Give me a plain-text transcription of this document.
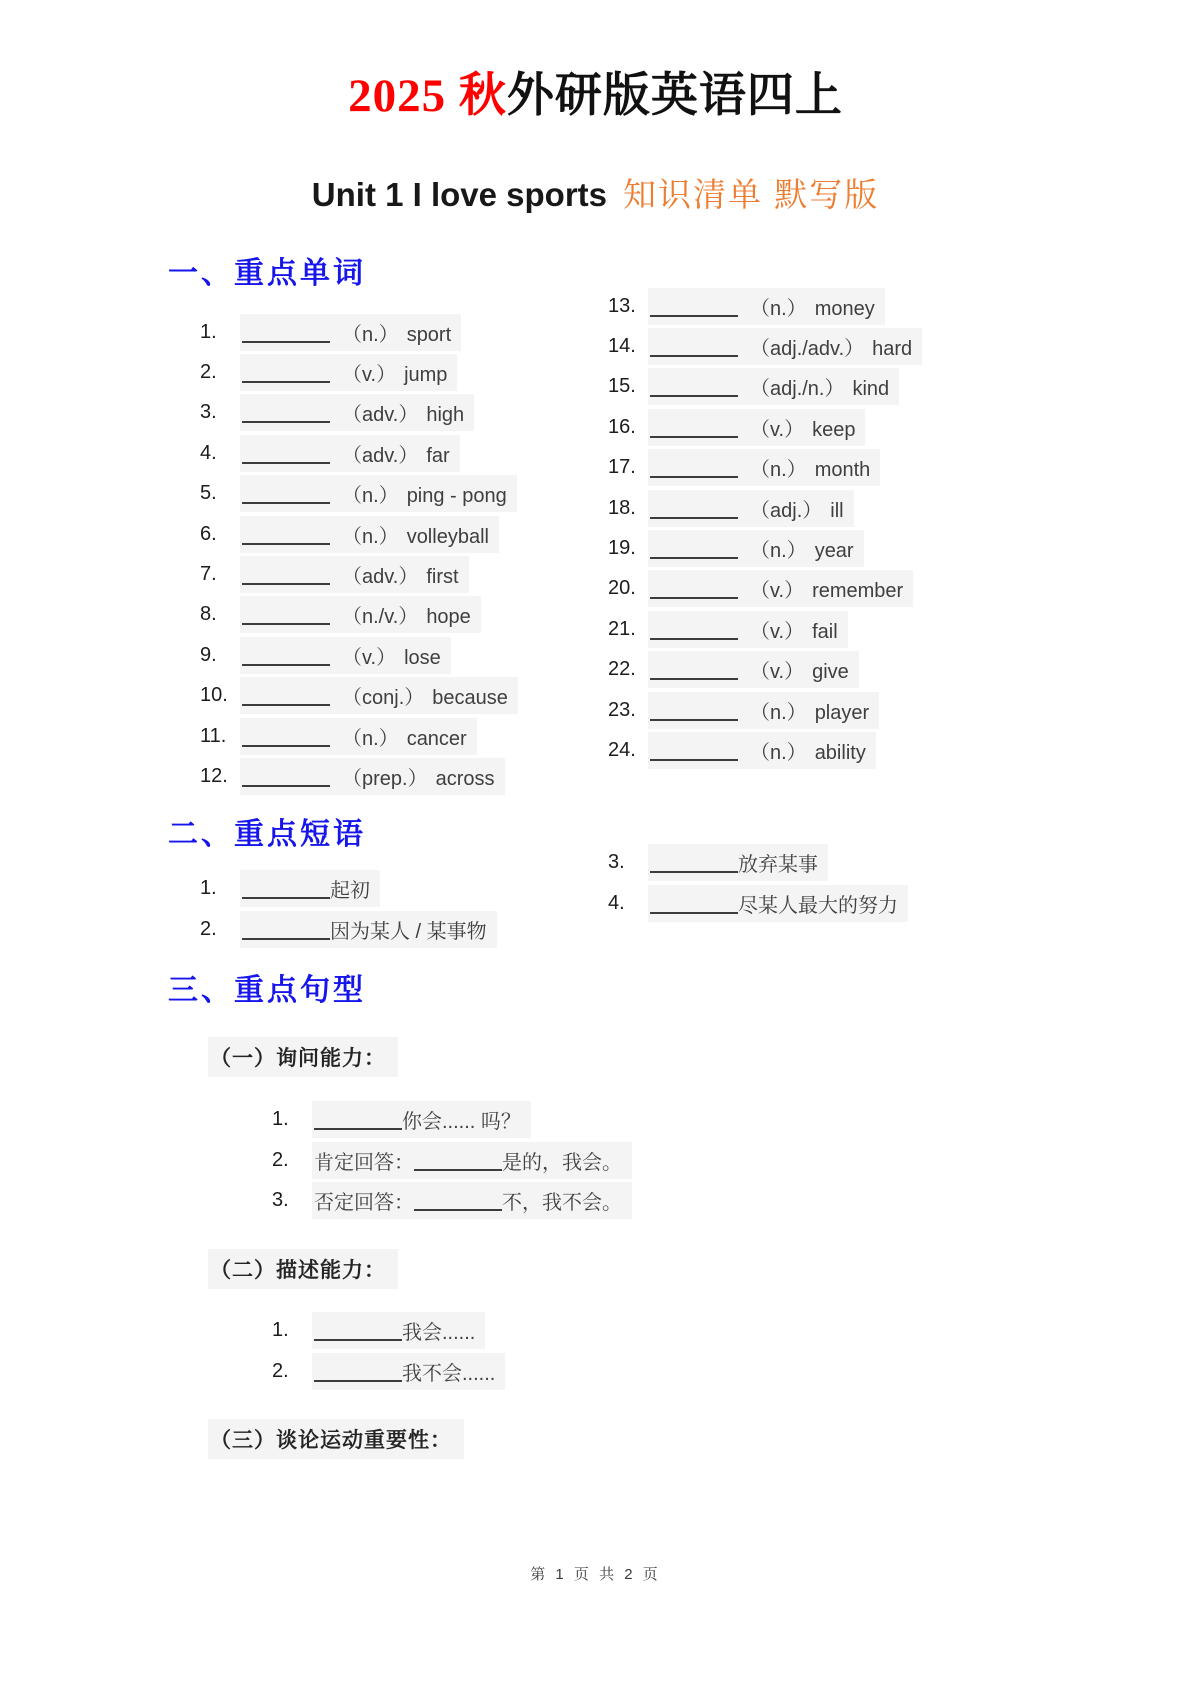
2025 秋外研版英语四上
Unit 1 I love sports 知识清单 默写版
一、重点单词
1.	（n.） sport
2.	（v.） jump
3.	（adv.） high
4.	（adv.） far
5.	（n.） ping - pong
6.	（n.） volleyball
7.	（adv.） first
8.	（n./v.） hope
9.	（v.） lose
10.	（conj.） because
11.	（n.） cancer
12.	（prep.） across
13.	（n.） money
14.	（adj./adv.） hard
15.	（adj./n.） kind
16.	（v.） keep
17.	（n.） month
18.	（adj.） ill
19.	（n.） year
20.	（v.） remember
21.	（v.） fail
22.	（v.） give
23.	（n.） player
24.	（n.） ability
二、重点短语
1.	起初
2.	因为某人 / 某事物
3.	放弃某事
4.	尽某人最大的努力
三、重点句型
（一）询问能力：
1.	你会...... 吗？
2.	肯定回答：	是的，我会。
3.	否定回答：	不，我不会。
（二）描述能力：
1.	我会......
2.	我不会......
（三）谈论运动重要性：
第 1 页 共 2 页
